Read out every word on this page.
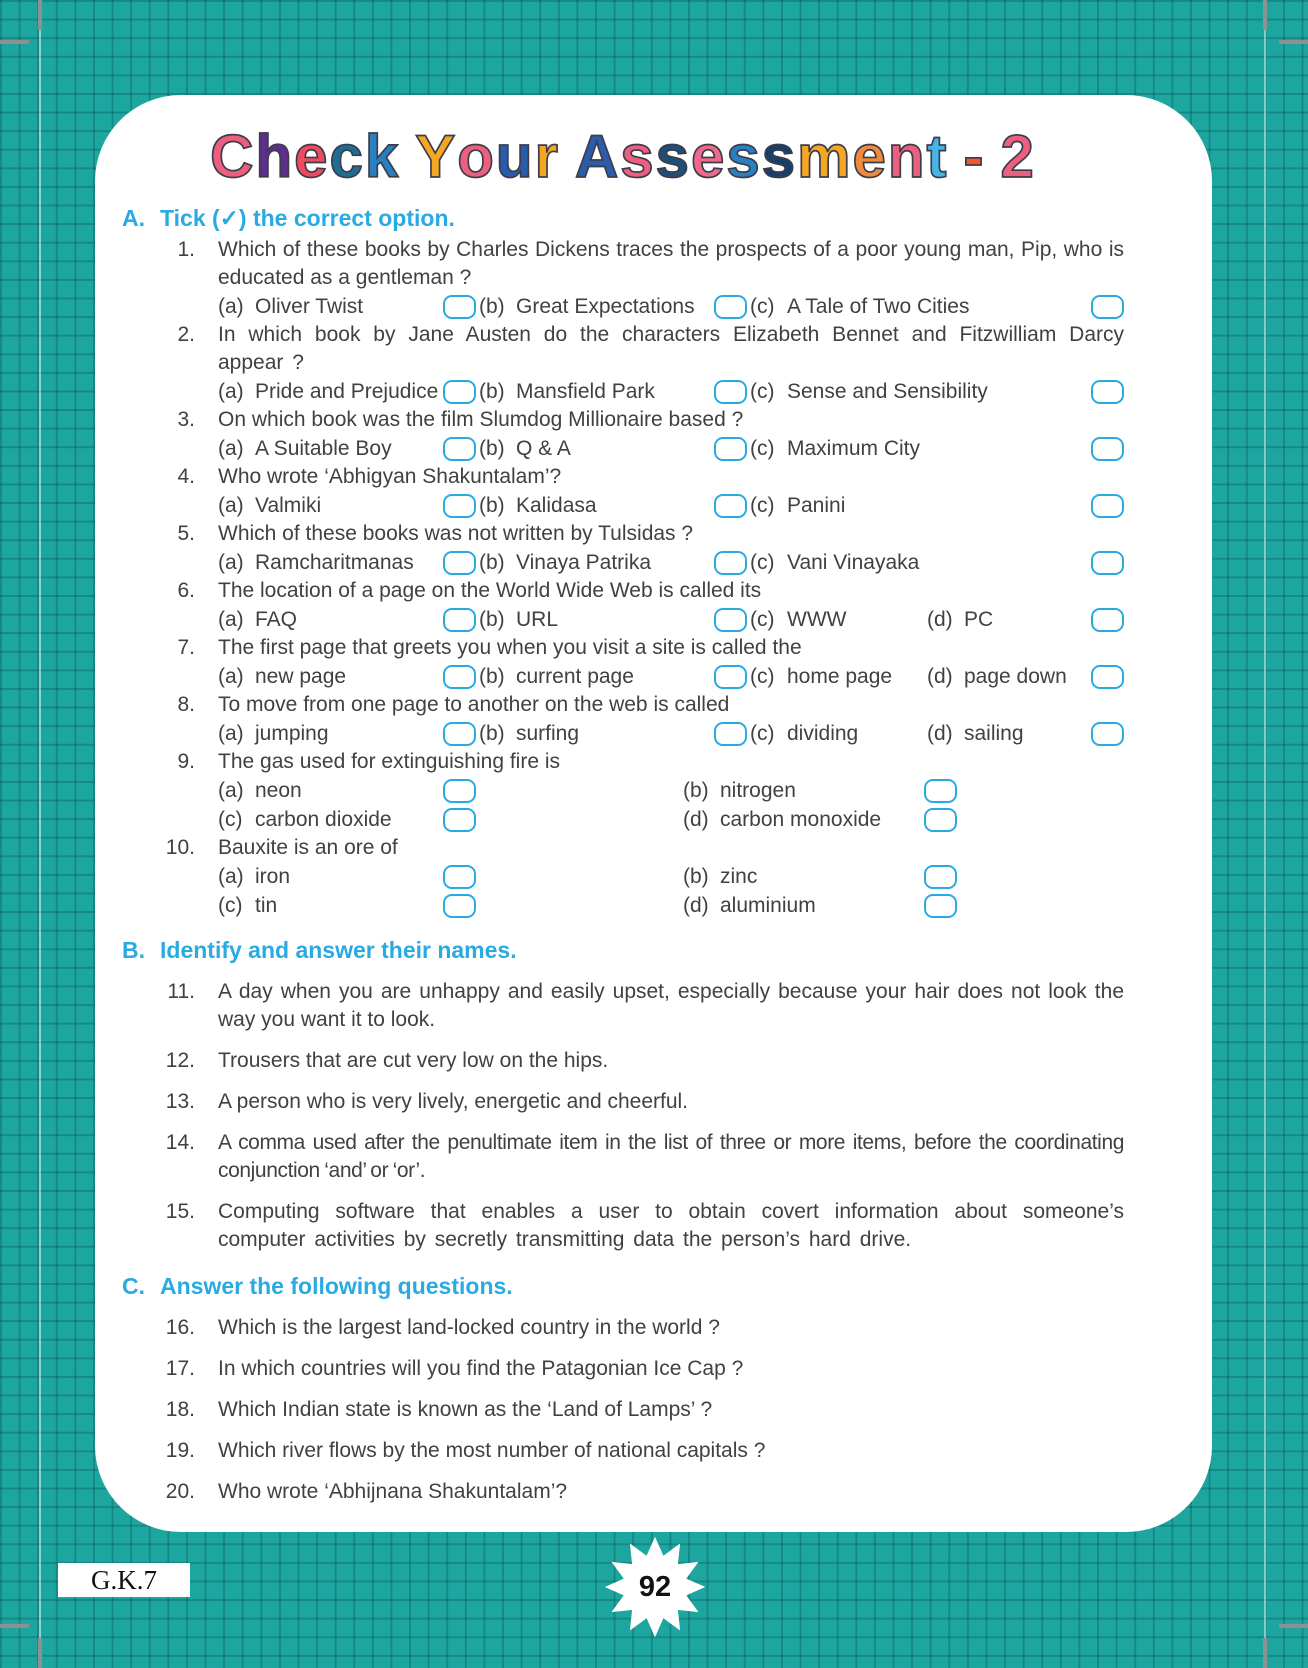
C h e c k Y o u r A s s e s s m e n t - 2
A. Tick (✓) the correct option.
1. Which of these books by Charles Dickens traces the prospects of a poor young man, Pip, who is educated as a gentleman ?
(a) Oliver Twist	(b) Great Expectations	(c) A Tale of Two Cities
2. In which book by Jane Austen do the characters Elizabeth Bennet and Fitzwilliam Darcy appear ?
(a) Pride and Prejudice (b) Mansfield Park	(c) Sense and Sensibility
3. On which book was the film Slumdog Millionaire based ?
(a) A Suitable Boy	(b) Q & A	(c) Maximum City
4. Who wrote ‘Abhigyan Shakuntalam’?
(a) Valmiki	(b) Kalidasa	(c) Panini
5. Which of these books was not written by Tulsidas ?
(a) Ramcharitmanas	(b) Vinaya Patrika	(c) Vani Vinayaka
6. The location of a page on the World Wide Web is called its
(a) FAQ	(b) URL	(c) WWW	(d) PC
7. The first page that greets you when you visit a site is called the
(a) new page	(b) current page	(c) home page (d) page down
8. To move from one page to another on the web is called
(a) jumping	(b) surfing	(c) dividing	(d) sailing
9. The gas used for extinguishing fire is
(a) neon	(b) nitrogen
(c) carbon dioxide	(d) carbon monoxide
10. Bauxite is an ore of
(a) iron	(b) zinc
(c) tin	(d) aluminium
B. Identify and answer their names.
11. A day when you are unhappy and easily upset, especially because your hair does not look the way you want it to look.
12. Trousers that are cut very low on the hips.
13. A person who is very lively, energetic and cheerful.
14. A comma used after the penultimate item in the list of three or more items, before the coordinating conjunction ‘and’ or ‘or’.
15. Computing software that enables a user to obtain covert information about someone’s computer activities by secretly transmitting data the person’s hard drive.
C. Answer the following questions.
16. Which is the largest land-locked country in the world ?
17. In which countries will you find the Patagonian Ice Cap ?
18. Which Indian state is known as the ‘Land of Lamps’ ?
19. Which river flows by the most number of national capitals ?
20. Who wrote ‘Abhijnana Shakuntalam’?
G.K.7	92
